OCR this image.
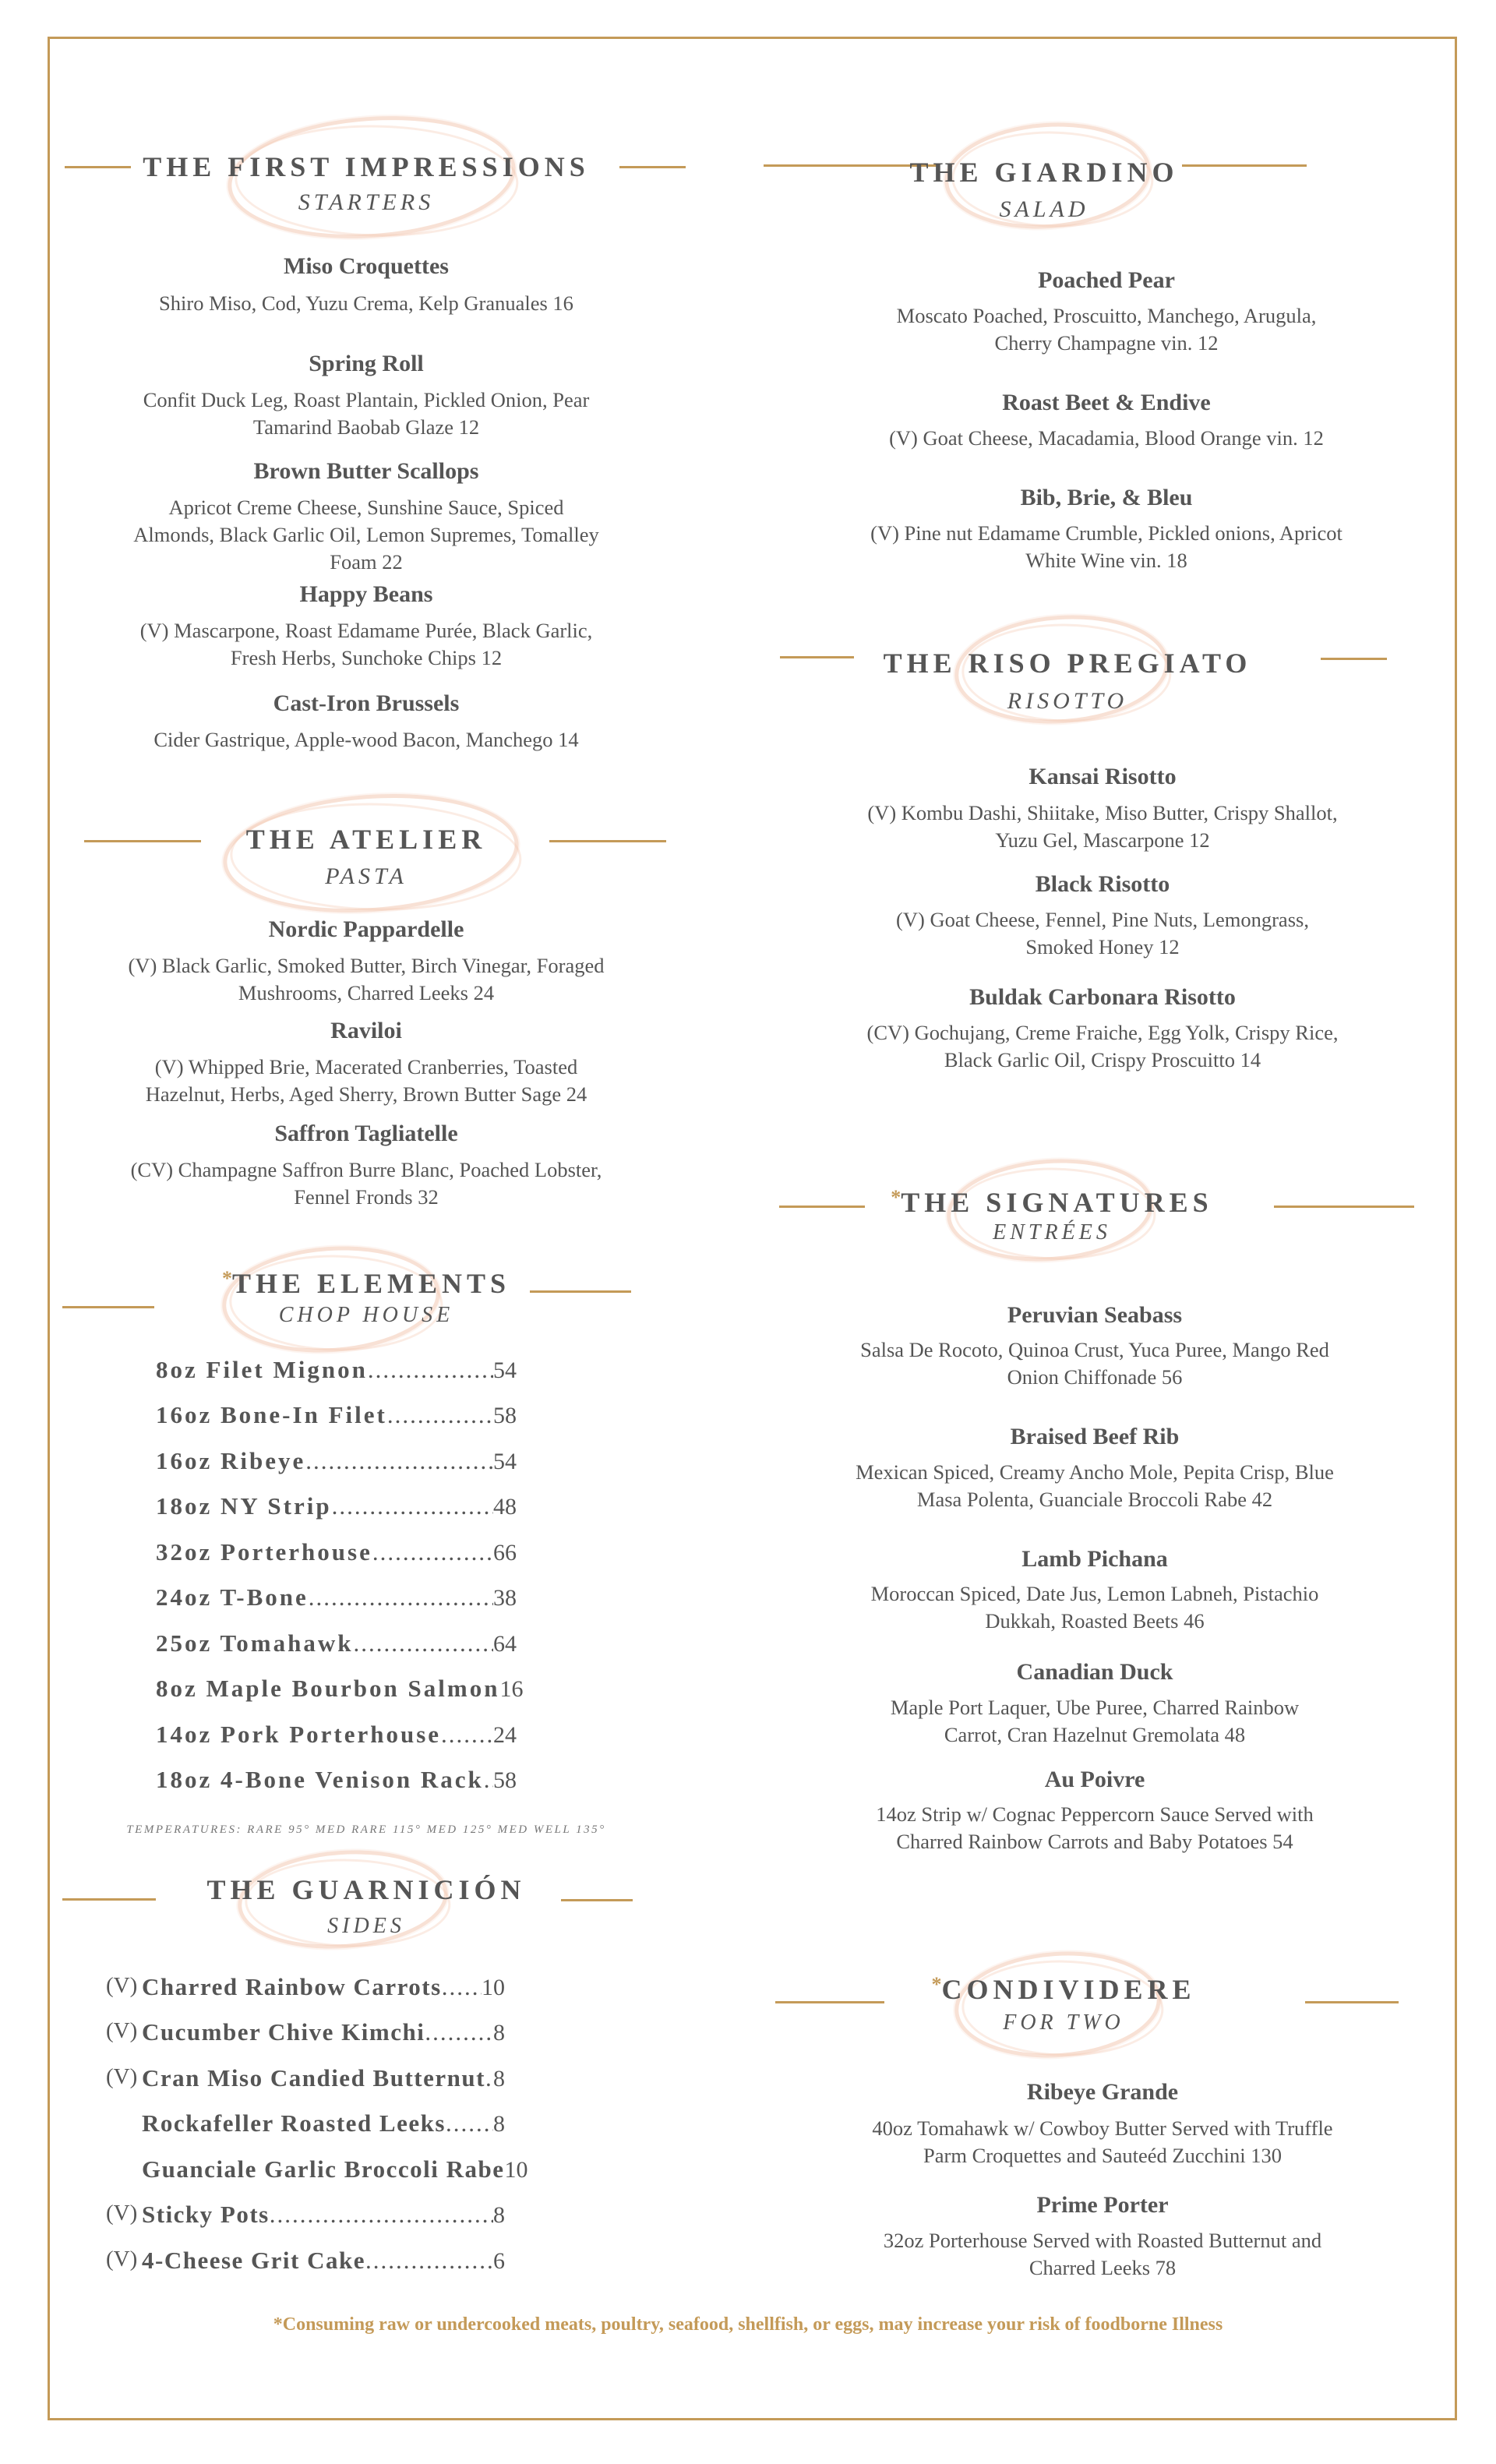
THE FIRST IMPRESSIONS
STARTERS
Miso Croquettes
Shiro Miso, Cod, Yuzu Crema, Kelp Granuales 16
Spring Roll
Confit Duck Leg, Roast Plantain, Pickled Onion, Pear
Tamarind Baobab Glaze 12
Brown Butter Scallops
Apricot Creme Cheese, Sunshine Sauce, Spiced
Almonds, Black Garlic Oil, Lemon Supremes, Tomalley
Foam 22
Happy Beans
(V) Mascarpone, Roast Edamame Purée, Black Garlic,
Fresh Herbs, Sunchoke Chips 12
Cast-Iron Brussels
Cider Gastrique, Apple-wood Bacon, Manchego 14
THE ATELIER
PASTA
Nordic Pappardelle
(V) Black Garlic, Smoked Butter, Birch Vinegar, Foraged
Mushrooms, Charred Leeks 24
Raviloi
(V) Whipped Brie, Macerated Cranberries, Toasted
Hazelnut, Herbs, Aged Sherry, Brown Butter Sage 24
Saffron Tagliatelle
(CV) Champagne Saffron Burre Blanc, Poached Lobster,
Fennel Fronds 32
*THE ELEMENTS
CHOP HOUSE
8oz Filet Mignon .....	54
16oz Bone-In Filet .....	58
16oz Ribeye .....	54
18oz NY Strip .....	48
32oz Porterhouse .....	66
24oz T-Bone .....	38
25oz Tomahawk .....	64
8oz Maple Bourbon Salmon 16
14oz Pork Porterhouse ..... 24
18oz 4-Bone Venison Rack ..... 58
TEMPERATURES: RARE 95° MED RARE 115° MED 125° MED WELL 135°
THE GUARNICIÓN
SIDES
(V) Charred Rainbow Carrots ..... 10
(V) Cucumber Chive Kimchi .....	8
(V) Cran Miso Candied Butternut ..... 8
Rockafeller Roasted Leeks ..... 8
Guanciale Garlic Broccoli Rabe 10
(V) Sticky Pots .....	8
(V) 4-Cheese Grit Cake .....	6
THE GIARDINO
SALAD
Poached Pear
Moscato Poached, Proscuitto, Manchego, Arugula,
Cherry Champagne vin. 12
Roast Beet & Endive
(V) Goat Cheese, Macadamia, Blood Orange vin. 12
Bib, Brie, & Bleu
(V) Pine nut Edamame Crumble, Pickled onions, Apricot
White Wine vin. 18
THE RISO PREGIATO
RISOTTO
Kansai Risotto
(V) Kombu Dashi, Shiitake, Miso Butter, Crispy Shallot,
Yuzu Gel, Mascarpone 12
Black Risotto
(V) Goat Cheese, Fennel, Pine Nuts, Lemongrass,
Smoked Honey 12
Buldak Carbonara Risotto
(CV) Gochujang, Creme Fraiche, Egg Yolk, Crispy Rice,
Black Garlic Oil, Crispy Proscuitto 14
*THE SIGNATURES
ENTRÉES
Peruvian Seabass
Salsa De Rocoto, Quinoa Crust, Yuca Puree, Mango Red
Onion Chiffonade 56
Braised Beef Rib
Mexican Spiced, Creamy Ancho Mole, Pepita Crisp, Blue
Masa Polenta, Guanciale Broccoli Rabe 42
Lamb Pichana
Moroccan Spiced, Date Jus, Lemon Labneh, Pistachio
Dukkah, Roasted Beets 46
Canadian Duck
Maple Port Laquer, Ube Puree, Charred Rainbow
Carrot, Cran Hazelnut Gremolata 48
Au Poivre
14oz Strip w/ Cognac Peppercorn Sauce Served with
Charred Rainbow Carrots and Baby Potatoes 54
*CONDIVIDERE
FOR TWO
Ribeye Grande
40oz Tomahawk w/ Cowboy Butter Served with Truffle
Parm Croquettes and Sauteéd Zucchini 130
Prime Porter
32oz Porterhouse Served with Roasted Butternut and
Charred Leeks 78
*Consuming raw or undercooked meats, poultry, seafood, shellfish, or eggs, may increase your risk of foodborne Illness
